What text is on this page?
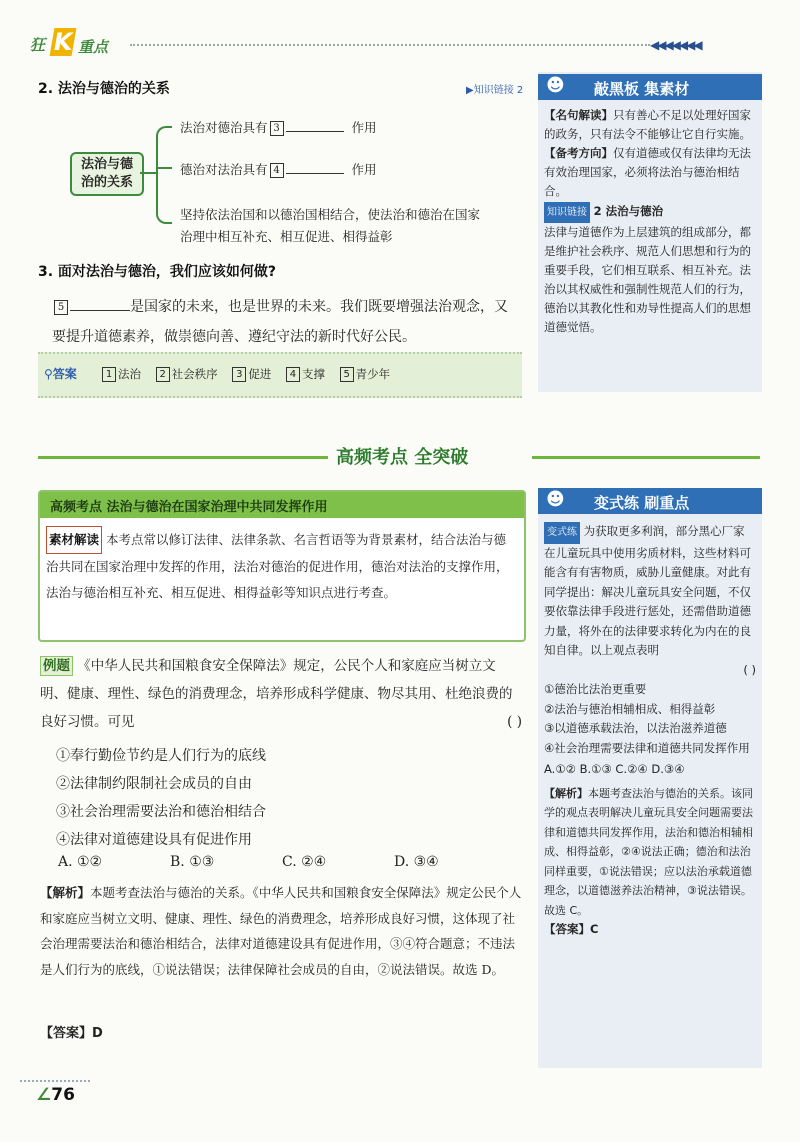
狂 K 重点	◀◀◀◀◀◀◀
2. 法治与德治的关系	▶知识链接 2
法治与德治的关系
法治对德治具有 3	作用
德治对法治具有 4	作用
坚持依法治国和以德治国相结合，使法治和德治在国家
治理中相互补充、相互促进、相得益彰
3. 面对法治与德治，我们应该如何做?
5	是国家的未来，也是世界的未来。我们既要增强法治观念，又
要提升道德素养，做崇德向善、遵纪守法的新时代好公民。
⚲答案	1 法治 2 社会秩序 3 促进 4 支撑 5 青少年
☻ 敲黑板 集素材
【名句解读】只有善心不足以处理好国家的政务，只有法令不能够让它自行实施。
【备考方向】仅有道德或仅有法律均无法有效治理国家，必须将法治与德治相结合。
知识链接 2 法治与德治
法律与道德作为上层建筑的组成部分，都是维护社会秩序、规范人们思想和行为的重要手段，它们相互联系、相互补充。法治以其权威性和强制性规范人们的行为，德治以其教化性和劝导性提高人们的思想道德觉悟。
高频考点 全突破
高频考点 法治与德治在国家治理中共同发挥作用
素材解读 本考点常以修订法律、法律条款、名言哲语等为背景素材，结合法治与德治共同在国家治理中发挥的作用，法治对德治的促进作用，德治对法治的支撑作用，法治与德治相互补充、相互促进、相得益彰等知识点进行考查。
例题 《中华人民共和国粮食安全保障法》规定，公民个人和家庭应当树立文明、健康、理性、绿色的消费理念，培养形成科学健康、物尽其用、杜绝浪费的良好习惯。可见	( )
①奉行勤俭节约是人们行为的底线
②法律制约限制社会成员的自由
③社会治理需要法治和德治相结合
④法律对道德建设具有促进作用
A. ①②	B. ①③	C. ②④	D. ③④
【解析】本题考查法治与德治的关系。《中华人民共和国粮食安全保障法》规定公民个人和家庭应当树立文明、健康、理性、绿色的消费理念，培养形成良好习惯，这体现了社会治理需要法治和德治相结合，法律对道德建设具有促进作用，③④符合题意；不违法是人们行为的底线，①说法错误；法律保障社会成员的自由，②说法错误。故选 D。
【答案】D
☻ 变式练 刷重点
变式练 为获取更多利润，部分黑心厂家在儿童玩具中使用劣质材料，这些材料可能含有有害物质，威胁儿童健康。对此有同学提出：解决儿童玩具安全问题，不仅要依靠法律手段进行惩处，还需借助道德力量，将外在的法律要求转化为内在的良知自律。以上观点表明
( )
①德治比法治更重要
②法治与德治相辅相成、相得益彰
③以道德承载法治，以法治滋养道德
④社会治理需要法律和道德共同发挥作用
A.①② B.①③ C.②④ D.③④
【解析】本题考查法治与德治的关系。该同学的观点表明解决儿童玩具安全问题需要法律和道德共同发挥作用，法治和德治相辅相成、相得益彰，②④说法正确；德治和法治同样重要，①说法错误；应以法治承载道德理念，以道德滋养法治精神，③说法错误。故选 C。
【答案】C
∠76
